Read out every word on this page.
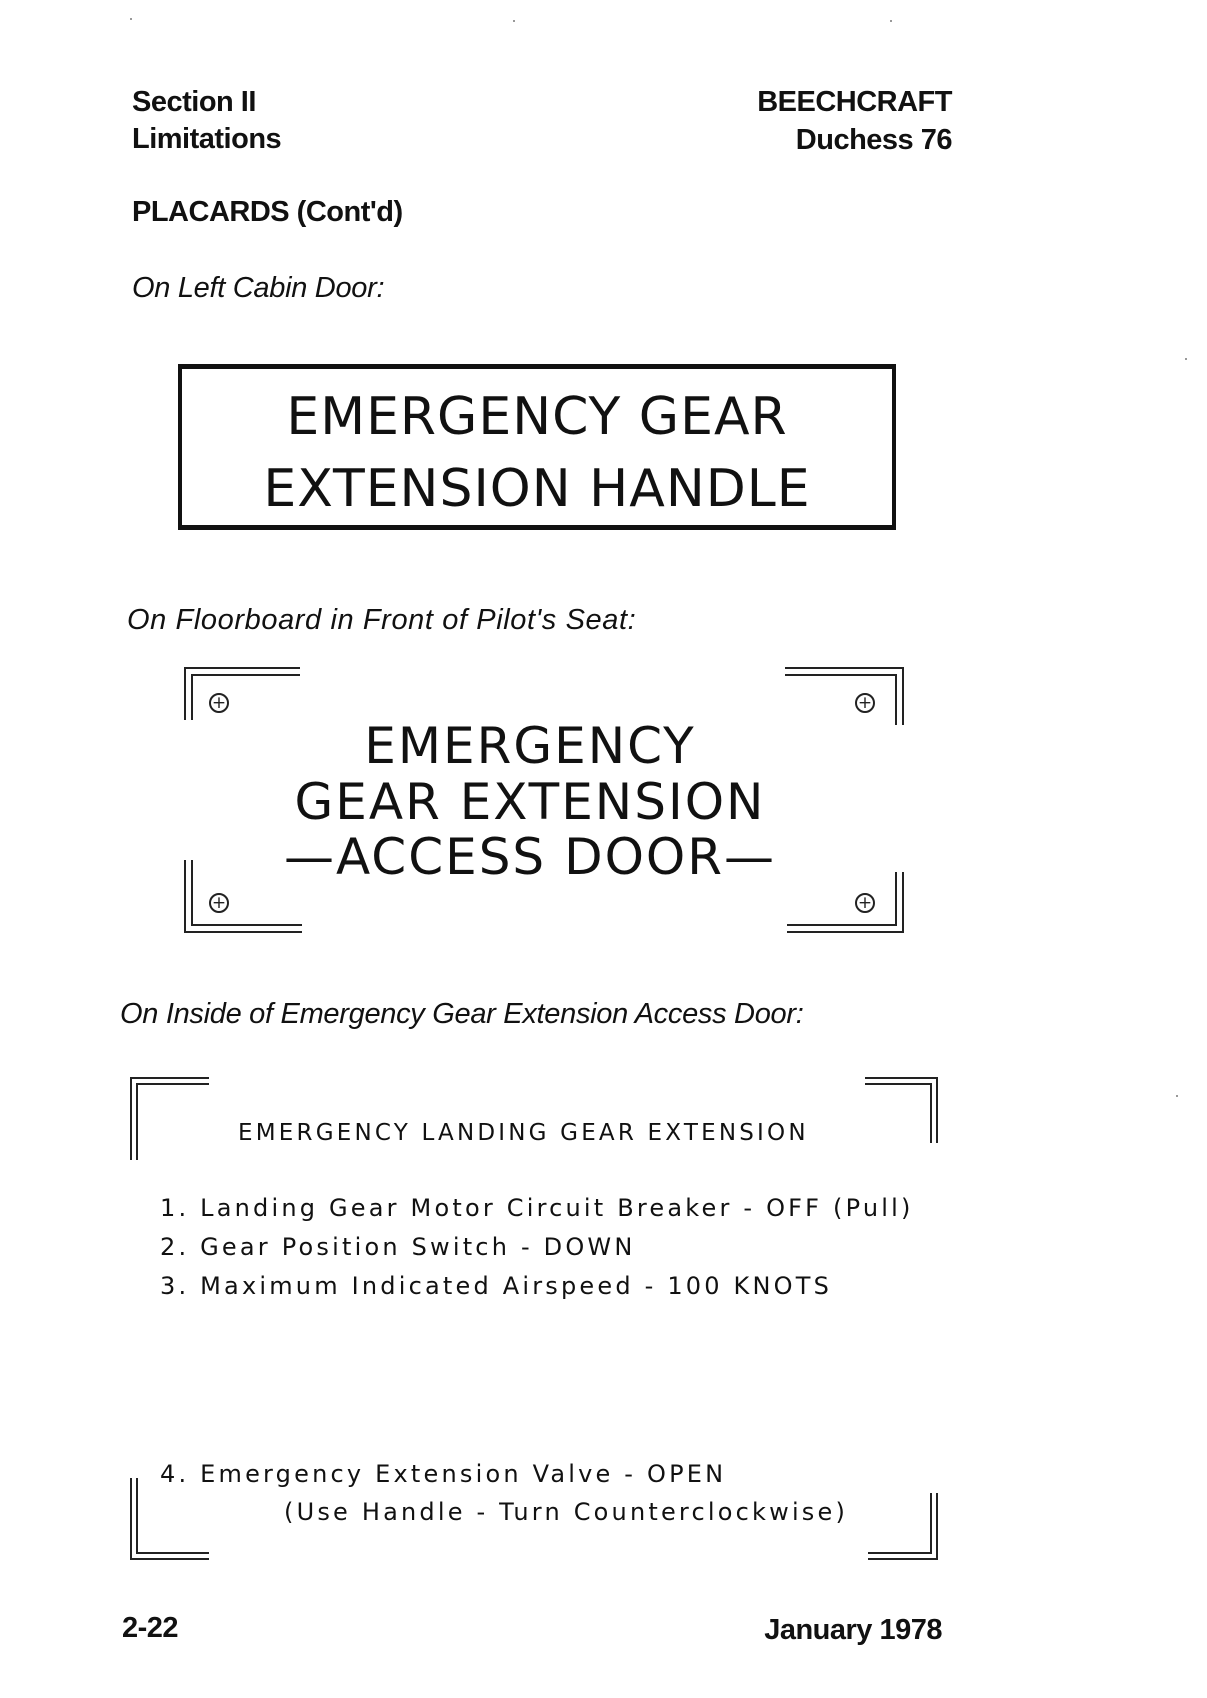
Section II
Limitations
BEECHCRAFT
Duchess 76
PLACARDS (Cont'd)
On Left Cabin Door:
EMERGENCY GEAR
EXTENSION HANDLE
On Floorboard in Front of Pilot's Seat:
+	+
+	+
EMERGENCY
GEAR EXTENSION
—ACCESS DOOR—
On Inside of Emergency Gear Extension Access Door:
EMERGENCY LANDING GEAR EXTENSION
1. Landing Gear Motor Circuit Breaker - OFF (Pull)
2. Gear Position Switch - DOWN
3. Maximum Indicated Airspeed - 100 KNOTS
4. Emergency Extension Valve - OPEN
(Use Handle - Turn Counterclockwise)
2-22	January 1978
